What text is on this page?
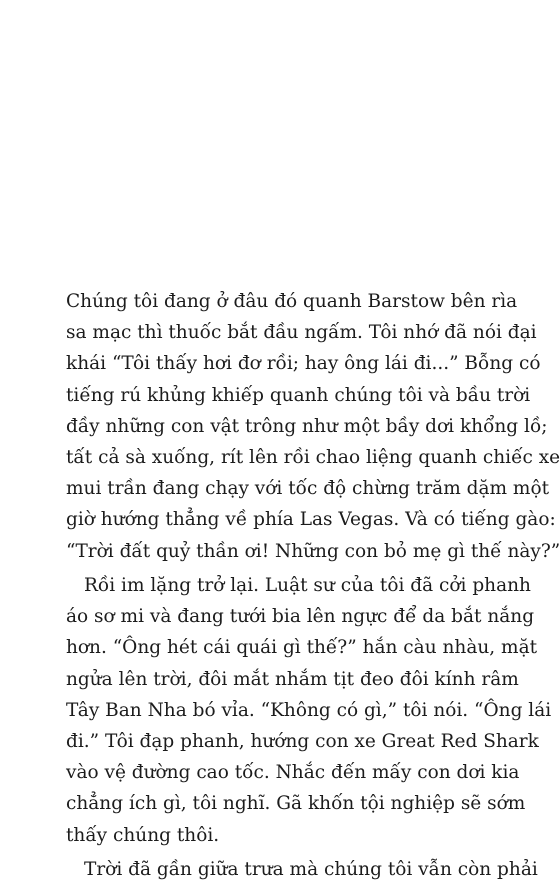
Chúng tôi đang ở đâu đó quanh Barstow bên rìa
sa mạc thì thuốc bắt đầu ngấm. Tôi nhớ đã nói đại
khái “Tôi thấy hơi đơ rồi; hay ông lái đi...” Bỗng có
tiếng rú khủng khiếp quanh chúng tôi và bầu trời
đầy những con vật trông như một bầy dơi khổng lồ;
tất cả sà xuống, rít lên rồi chao liệng quanh chiếc xe
mui trần đang chạy với tốc độ chừng trăm dặm một
giờ hướng thẳng về phía Las Vegas. Và có tiếng gào:
“Trời đất quỷ thần ơi! Những con bỏ mẹ gì thế này?”

Rồi im lặng trở lại. Luật sư của tôi đã cởi phanh
áo sơ mi và đang tưới bia lên ngực để da bắt nắng
hơn. “Ông hét cái quái gì thế?” hắn càu nhàu, mặt
ngửa lên trời, đôi mắt nhắm tịt đeo đôi kính râm
Tây Ban Nha bó vỉa. “Không có gì,” tôi nói. “Ông lái
đi.” Tôi đạp phanh, hướng con xe Great Red Shark
vào vệ đường cao tốc. Nhắc đến mấy con dơi kia
chẳng ích gì, tôi nghĩ. Gã khốn tội nghiệp sẽ sớm
thấy chúng thôi.

Trời đã gần giữa trưa mà chúng tôi vẫn còn phải
